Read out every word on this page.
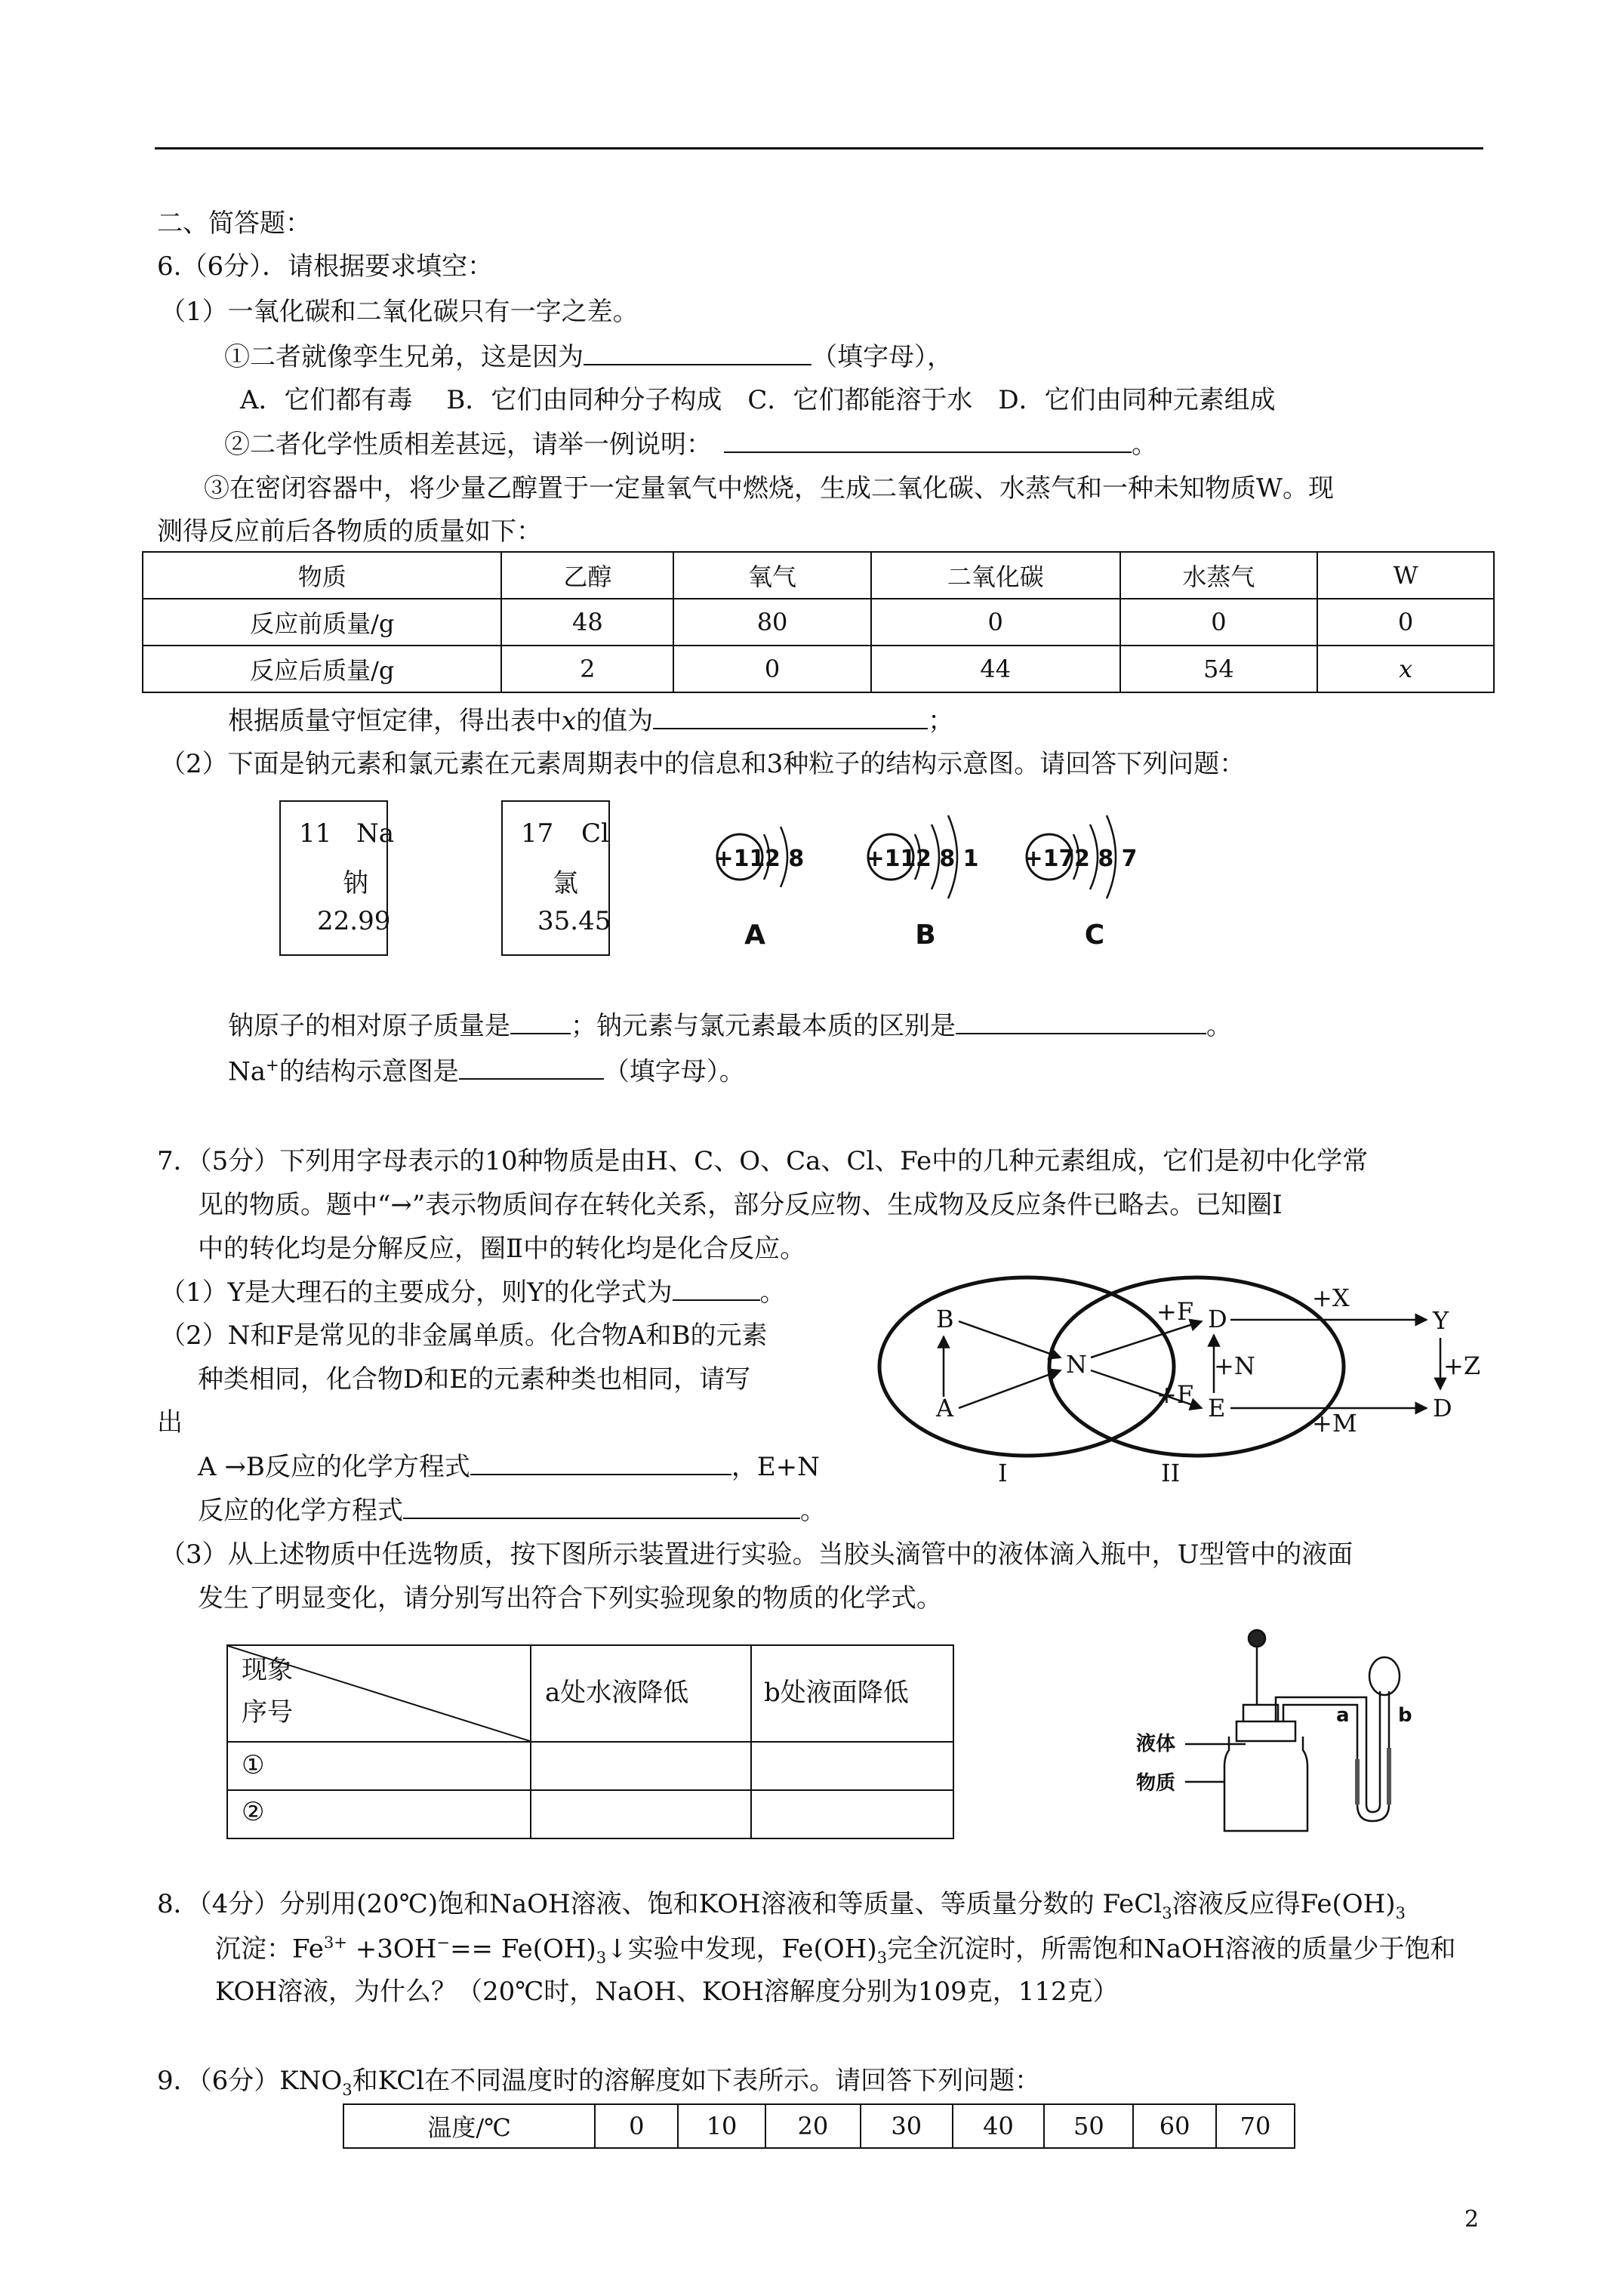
二、简答题：
6.（6分）．请根据要求填空：
（1）一氧化碳和二氧化碳只有一字之差。
①二者就像孪生兄弟，这是因为	（填字母），
A．它们都有毒　 B．它们由同种分子构成　C．它们都能溶于水　D．它们由同种元素组成
②二者化学性质相差甚远，请举一例说明：	。
③在密闭容器中，将少量乙醇置于一定量氧气中燃烧，生成二氧化碳、水蒸气和一种未知物质W。现
测得反应前后各物质的质量如下：
物质	乙醇	氧气	二氧化碳	水蒸气	W
反应前质量/g	48	80	0	0	0
反应后质量/g	2	0	44	54	x
根据质量守恒定律，得出表中x的值为	；
（2）下面是钠元素和氯元素在元素周期表中的信息和3种粒子的结构示意图。请回答下列问题：
11 Na
钠
22.99
17 Cl
氯
35.45
+11 2 8
A
+11 2 8 1
B
+17 2 8 7
C
钠原子的相对原子质量是 ；钠元素与氯元素最本质的区别是	。
Na+的结构示意图是	（填字母）。
7．（5分）下列用字母表示的10种物质是由H、C、O、Ca、Cl、Fe中的几种元素组成，它们是初中化学常
见的物质。题中“→”表示物质间存在转化关系，部分反应物、生成物及反应条件已略去。已知圈Ⅰ
中的转化均是分解反应，圈Ⅱ中的转化均是化合反应。
（1）Y是大理石的主要成分，则Y的化学式为	。
（2）N和F是常见的非金属单质。化合物A和B的元素
种类相同，化合物D和E的元素种类也相同，请写
出
A →B反应的化学方程式	，E+N
反应的化学方程式	。
B
A
N
D
E
Y
D
+F
+F
+N
+X
+Z
+M
I	II
（3）从上述物质中任选物质，按下图所示装置进行实验。当胶头滴管中的液体滴入瓶中，U型管中的液面
发生了明显变化，请分别写出符合下列实验现象的物质的化学式。
现象
序号
a处水液降低	b处液面降低
①
②
液体
物质
a b
8．（4分）分别用(20℃)饱和NaOH溶液、饱和KOH溶液和等质量、等质量分数的 FeCl$_3$溶液反应得$Fe(OH)_3$
沉淀：$Fe^{3+} +3OH^-==$ $Fe(OH)_3↓$实验中发现，$Fe(OH)_3$完全沉淀时，所需饱和NaOH溶液的质量少于饱和
KOH溶液，为什么？（20℃时，NaOH、KOH溶解度分别为109克，112克）
9．（6分）$KNO_3$和KCl在不同温度时的溶解度如下表所示。请回答下列问题：
温度/℃	0	10	20	30	40	50	60	70
2
